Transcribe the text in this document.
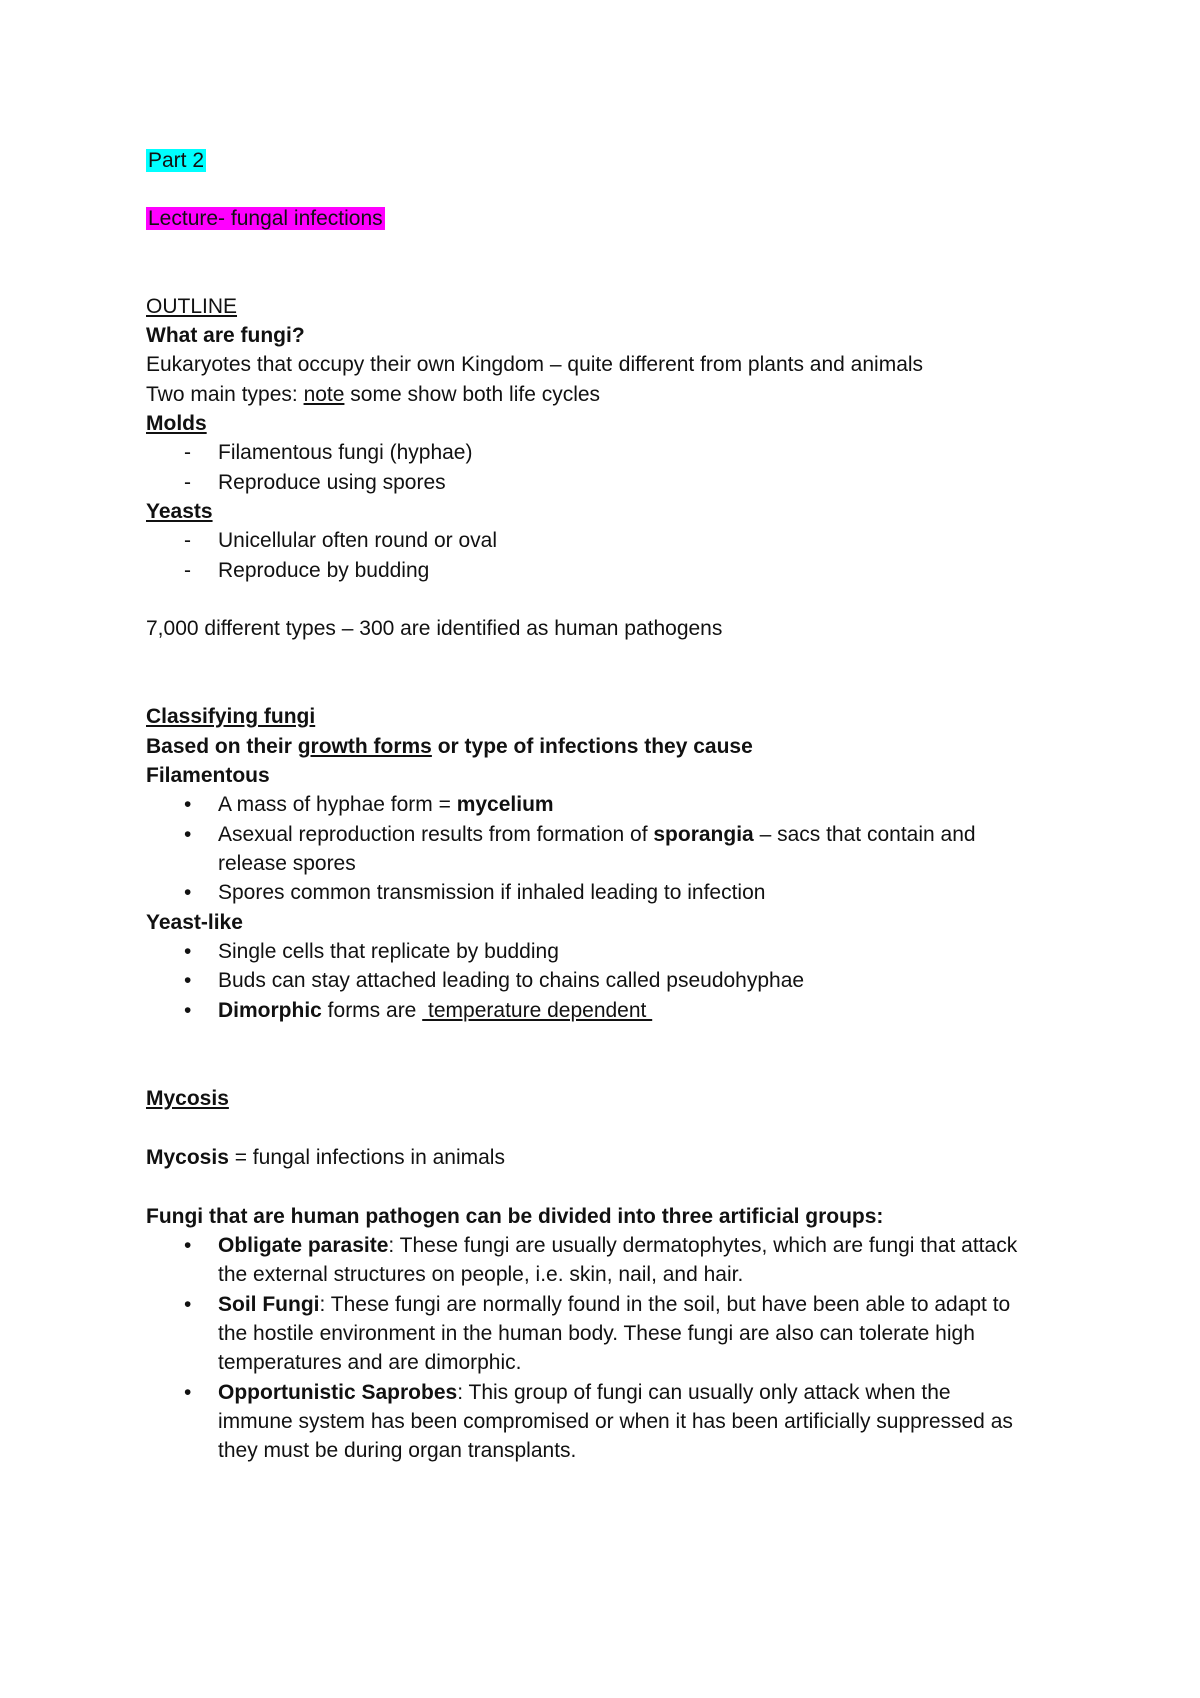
Part 2
Lecture- fungal infections
OUTLINE
What are fungi?
Eukaryotes that occupy their own Kingdom – quite different from plants and animals
Two main types: note some show both life cycles
Molds
-	Filamentous fungi (hyphae)
-	Reproduce using spores
Yeasts
-	Unicellular often round or oval
-	Reproduce by budding
7,000 different types – 300 are identified as human pathogens
Classifying fungi
Based on their growth forms or type of infections they cause
Filamentous
•	A mass of hyphae form = mycelium
•	Asexual reproduction results from formation of sporangia – sacs that contain and
release spores
•	Spores common transmission if inhaled leading to infection
Yeast-like
•	Single cells that replicate by budding
•	Buds can stay attached leading to chains called pseudohyphae
•	Dimorphic forms are  temperature dependent
Mycosis
Mycosis = fungal infections in animals
Fungi that are human pathogen can be divided into three artificial groups:
•	Obligate parasite: These fungi are usually dermatophytes, which are fungi that attack
the external structures on people, i.e. skin, nail, and hair.
•	Soil Fungi: These fungi are normally found in the soil, but have been able to adapt to
the hostile environment in the human body. These fungi are also can tolerate high
temperatures and are dimorphic.
•	Opportunistic Saprobes: This group of fungi can usually only attack when the
immune system has been compromised or when it has been artificially suppressed as
they must be during organ transplants.
